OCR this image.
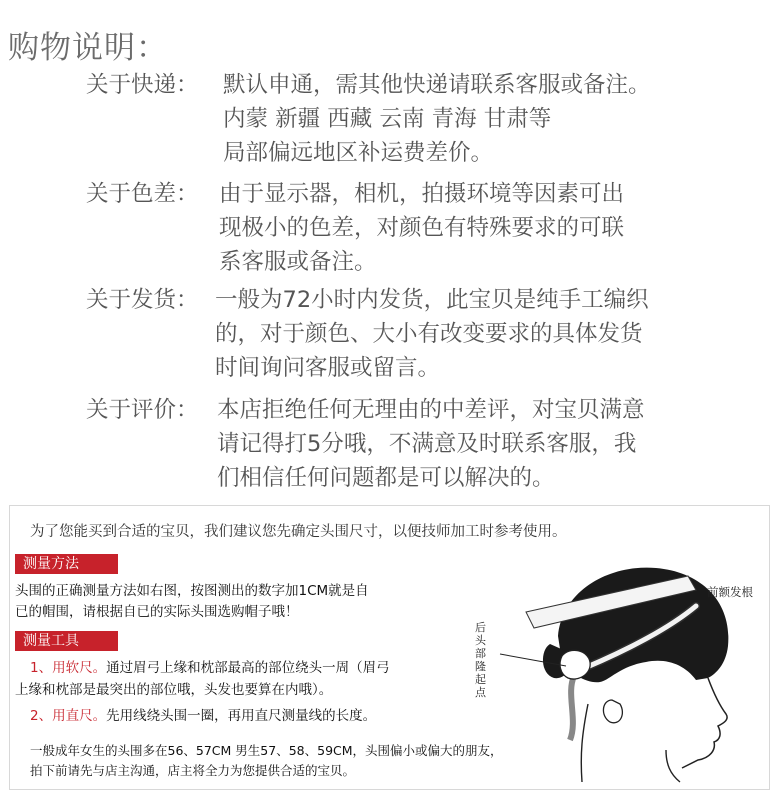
购物说明：
关于快递： 默认申通，需其他快递请联系客服或备注。
内蒙 新疆 西藏 云南 青海 甘肃等
局部偏远地区补运费差价。
关于色差： 由于显示器，相机，拍摄环境等因素可出
现极小的色差，对颜色有特殊要求的可联
系客服或备注。
关于发货： 一般为72小时内发货，此宝贝是纯手工编织
的，对于颜色、大小有改变要求的具体发货
时间询问客服或留言。
关于评价： 本店拒绝任何无理由的中差评，对宝贝满意
请记得打5分哦，不满意及时联系客服，我
们相信任何问题都是可以解决的。
为了您能买到合适的宝贝，我们建议您先确定头围尺寸，以便技师加工时参考使用。
测量方法
头围的正确测量方法如右图，按图测出的数字加1CM就是自
已的帽围，请根据自已的实际头围选购帽子哦！
测量工具
1、用软尺。通过眉弓上缘和枕部最高的部位绕头一周（眉弓
上缘和枕部是最突出的部位哦，头发也要算在内哦）。
2、用直尺。先用线绕头围一圈，再用直尺测量线的长度。
一般成年女生的头围多在56、57CM 男生57、58、59CM，头围偏小或偏大的朋友，
拍下前请先与店主沟通，店主将全力为您提供合适的宝贝。
后头部隆起点
前额发根
